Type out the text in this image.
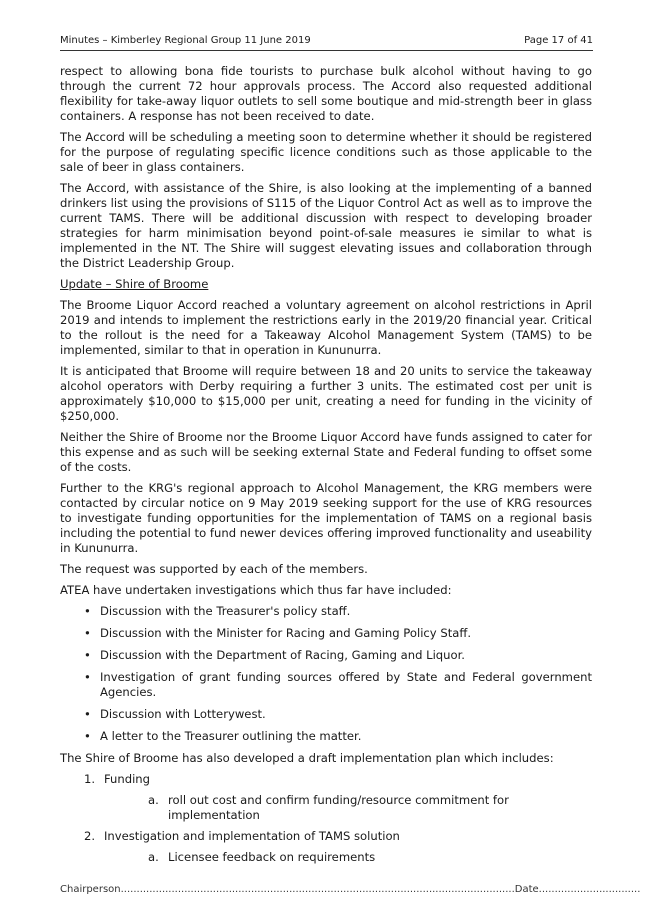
Minutes – Kimberley Regional Group 11 June 2019	Page 17 of 41

respect to allowing bona fide tourists to purchase bulk alcohol without having to go through the current 72 hour approvals process. The Accord also requested additional flexibility for take-away liquor outlets to sell some boutique and mid-strength beer in glass containers. A response has not been received to date.

The Accord will be scheduling a meeting soon to determine whether it should be registered for the purpose of regulating specific licence conditions such as those applicable to the sale of beer in glass containers.

The Accord, with assistance of the Shire, is also looking at the implementing of a banned drinkers list using the provisions of S115 of the Liquor Control Act as well as to improve the current TAMS. There will be additional discussion with respect to developing broader strategies for harm minimisation beyond point-of-sale measures ie similar to what is implemented in the NT. The Shire will suggest elevating issues and collaboration through the District Leadership Group.

Update – Shire of Broome

The Broome Liquor Accord reached a voluntary agreement on alcohol restrictions in April 2019 and intends to implement the restrictions early in the 2019/20 financial year. Critical to the rollout is the need for a Takeaway Alcohol Management System (TAMS) to be implemented, similar to that in operation in Kununurra.

It is anticipated that Broome will require between 18 and 20 units to service the takeaway alcohol operators with Derby requiring a further 3 units. The estimated cost per unit is approximately $10,000 to $15,000 per unit, creating a need for funding in the vicinity of $250,000.

Neither the Shire of Broome nor the Broome Liquor Accord have funds assigned to cater for this expense and as such will be seeking external State and Federal funding to offset some of the costs.

Further to the KRG's regional approach to Alcohol Management, the KRG members were contacted by circular notice on 9 May 2019 seeking support for the use of KRG resources to investigate funding opportunities for the implementation of TAMS on a regional basis including the potential to fund newer devices offering improved functionality and useability in Kununurra.

The request was supported by each of the members.

ATEA have undertaken investigations which thus far have included:

• Discussion with the Treasurer's policy staff.
• Discussion with the Minister for Racing and Gaming Policy Staff.
• Discussion with the Department of Racing, Gaming and Liquor.
• Investigation of grant funding sources offered by State and Federal government Agencies.
• Discussion with Lotterywest.
• A letter to the Treasurer outlining the matter.

The Shire of Broome has also developed a draft implementation plan which includes:

1. Funding
a. roll out cost and confirm funding/resource commitment for implementation
2. Investigation and implementation of TAMS solution
a. Licensee feedback on requirements
Chairperson............................................................................................................................Date................................
